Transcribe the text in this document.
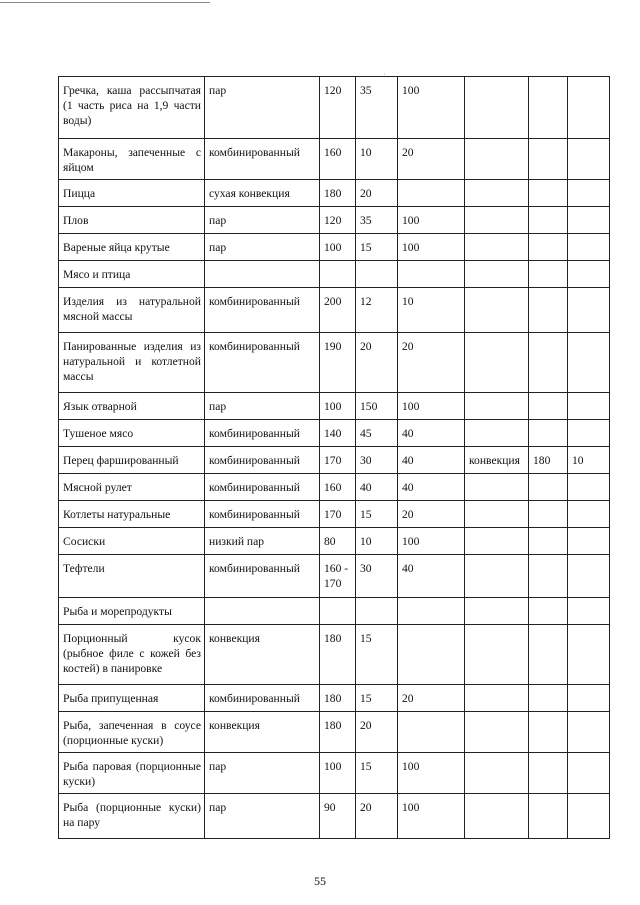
·
Гречка, каша рассыпчатая (1 часть риса на 1,9 части воды)	пар	120	35	100			
Макароны, запеченные с яйцом	комбинированный	160	10	20			
Пицца	сухая конвекция	180	20				
Плов	пар	120	35	100			
Вареные яйца крутые	пар	100	15	100			
Мясо и птица							
Изделия из натуральной мясной массы	комбинированный	200	12	10			
Панированные изделия из натуральной и котлетной массы	комбинированный	190	20	20			
Язык отварной	пар	100	150	100			
Тушеное мясо	комбинированный	140	45	40			
Перец фаршированный	комбинированный	170	30	40	конвекция	180	10
Мясной рулет	комбинированный	160	40	40			
Котлеты натуральные	комбинированный	170	15	20			
Сосиски	низкий пар	80	10	100			
Тефтели	комбинированный	160 - 170	30	40			
Рыба и морепродукты							
Порционный кусок (рыбное филе с кожей без костей) в панировке	конвекция	180	15				
Рыба припущенная	комбинированный	180	15	20			
Рыба, запеченная в соусе (порционные куски)	конвекция	180	20				
Рыба паровая (порционные куски)	пар	100	15	100			
Рыба (порционные куски) на пару	пар	90	20	100			
55
